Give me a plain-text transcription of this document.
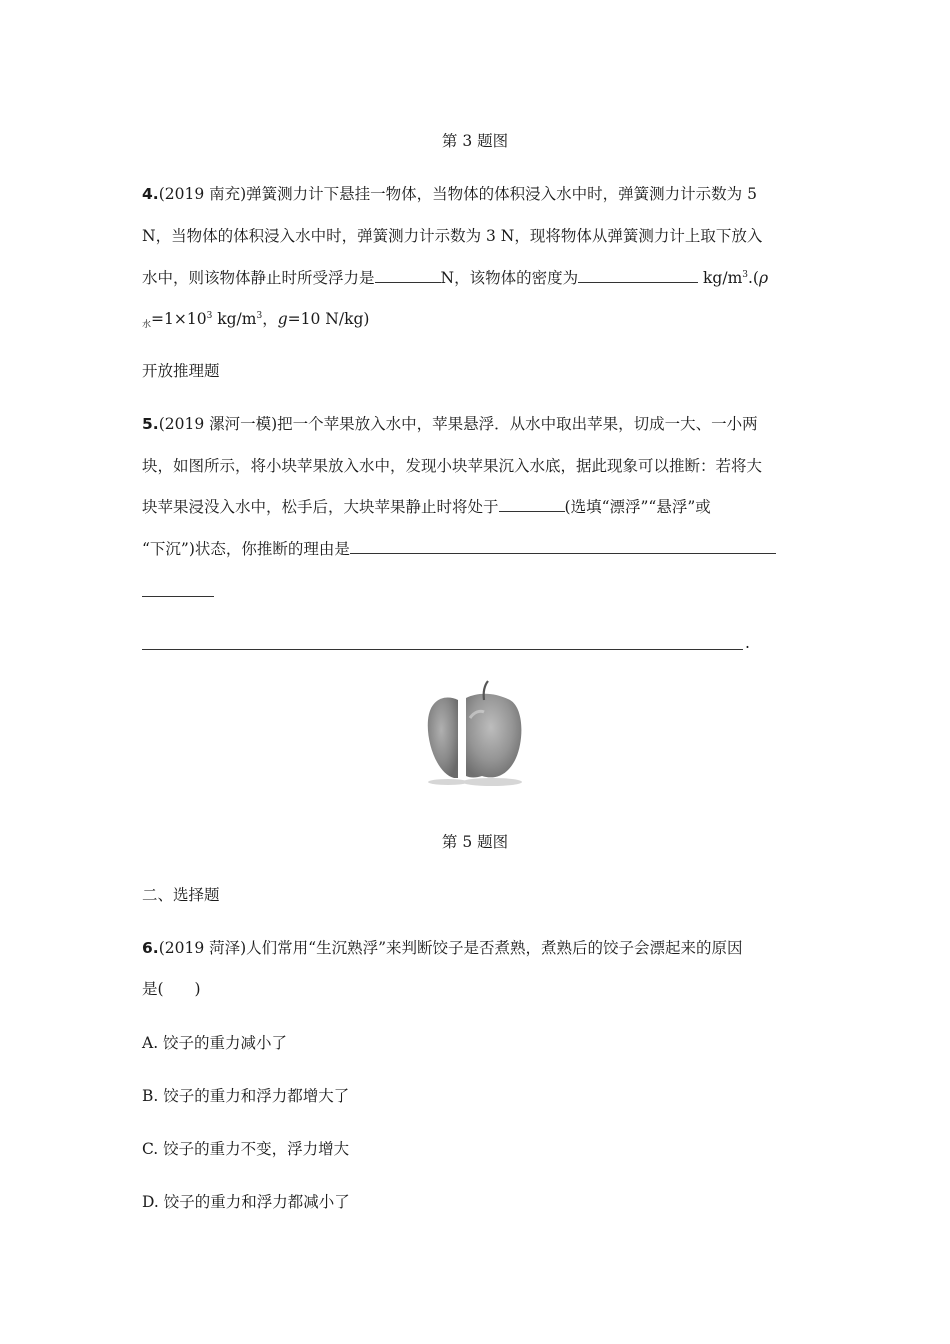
第 3 题图
4.(2019 南充)弹簧测力计下悬挂一物体，当物体的体积浸入水中时，弹簧测力计示数为 5
N，当物体的体积浸入水中时，弹簧测力计示数为 3 N，现将物体从弹簧测力计上取下放入
水中，则该物体静止时所受浮力是	N，该物体的密度为	$kg/m^3.(\rho$
水$=1\times 10^3$ $kg/m^3$，g=10 N/kg)
开放推理题
5.(2019 漯河一模)把一个苹果放入水中，苹果悬浮．从水中取出苹果，切成一大、一小两
块，如图所示，将小块苹果放入水中，发现小块苹果沉入水底，据此现象可以推断：若将大
块苹果浸没入水中，松手后，大块苹果静止时将处于	(选填“漂浮”“悬浮”或
“下沉”)状态，你推断的理由是
.
第 5 题图
二、选择题
6.(2019 菏泽)人们常用“生沉熟浮”来判断饺子是否煮熟，煮熟后的饺子会漂起来的原因
是(　　)
A. 饺子的重力减小了
B. 饺子的重力和浮力都增大了
C. 饺子的重力不变，浮力增大
D. 饺子的重力和浮力都减小了
